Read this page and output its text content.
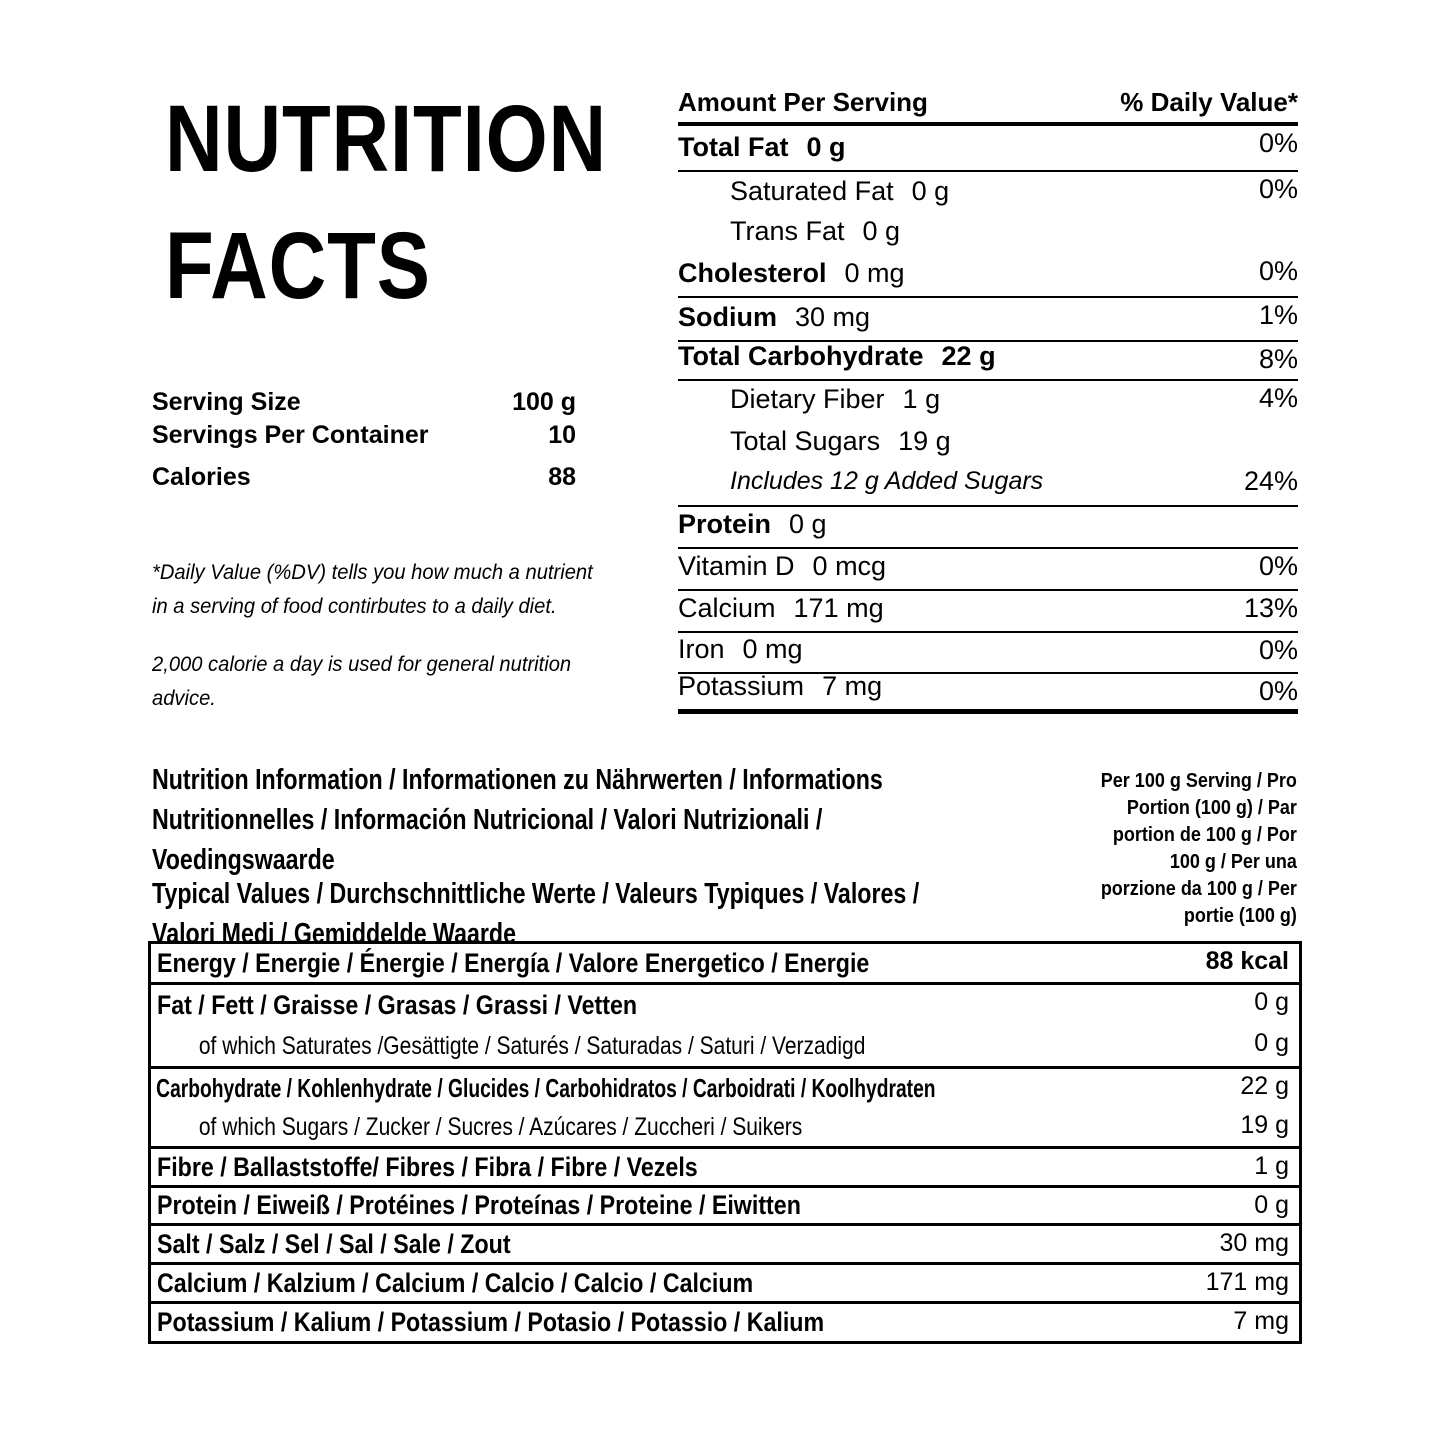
NUTRITION
FACTS
Serving Size	100 g
Servings Per Container	10
Calories	88
*Daily Value (%DV) tells you how much a nutrient
in a serving of food contirbutes to a daily diet.
2,000 calorie a day is used for general nutrition
advice.
Amount Per Serving	% Daily Value*
Total Fat 0 g	0%
Saturated Fat 0 g	0%
Trans Fat 0 g
Cholesterol 0 mg	0%
Sodium 30 mg	1%
Total Carbohydrate 22 g	8%
Dietary Fiber 1 g	4%
Total Sugars 19 g
Includes 12 g Added Sugars	24%
Protein 0 g
Vitamin D 0 mcg	0%
Calcium 171 mg	13%
Iron 0 mg	0%
Potassium 7 mg	0%
Nutrition Information / Informationen zu Nährwerten / Informations
Nutritionnelles / Información Nutricional / Valori Nutrizionali /
Voedingswaarde
Typical Values / Durchschnittliche Werte / Valeurs Typiques / Valores /
Valori Medi / Gemiddelde Waarde
Per 100 g Serving / Pro
Portion (100 g) / Par
portion de 100 g / Por
100 g / Per una
porzione da 100 g / Per
portie (100 g)
Energy / Energie / Énergie / Energía / Valore Energetico / Energie	88 kcal
Fat / Fett / Graisse / Grasas / Grassi / Vetten	0 g
of which Saturates /Gesättigte / Saturés / Saturadas / Saturi / Verzadigd	0 g
Carbohydrate / Kohlenhydrate / Glucides / Carbohidratos / Carboidrati / Koolhydraten	22 g
of which Sugars / Zucker / Sucres / Azúcares / Zuccheri / Suikers	19 g
Fibre / Ballaststoffe/ Fibres / Fibra / Fibre / Vezels	1 g
Protein / Eiweiß / Protéines / Proteínas / Proteine / Eiwitten	0 g
Salt / Salz / Sel / Sal / Sale / Zout	30 mg
Calcium / Kalzium / Calcium / Calcio / Calcio / Calcium	171 mg
Potassium / Kalium / Potassium / Potasio / Potassio / Kalium	7 mg
